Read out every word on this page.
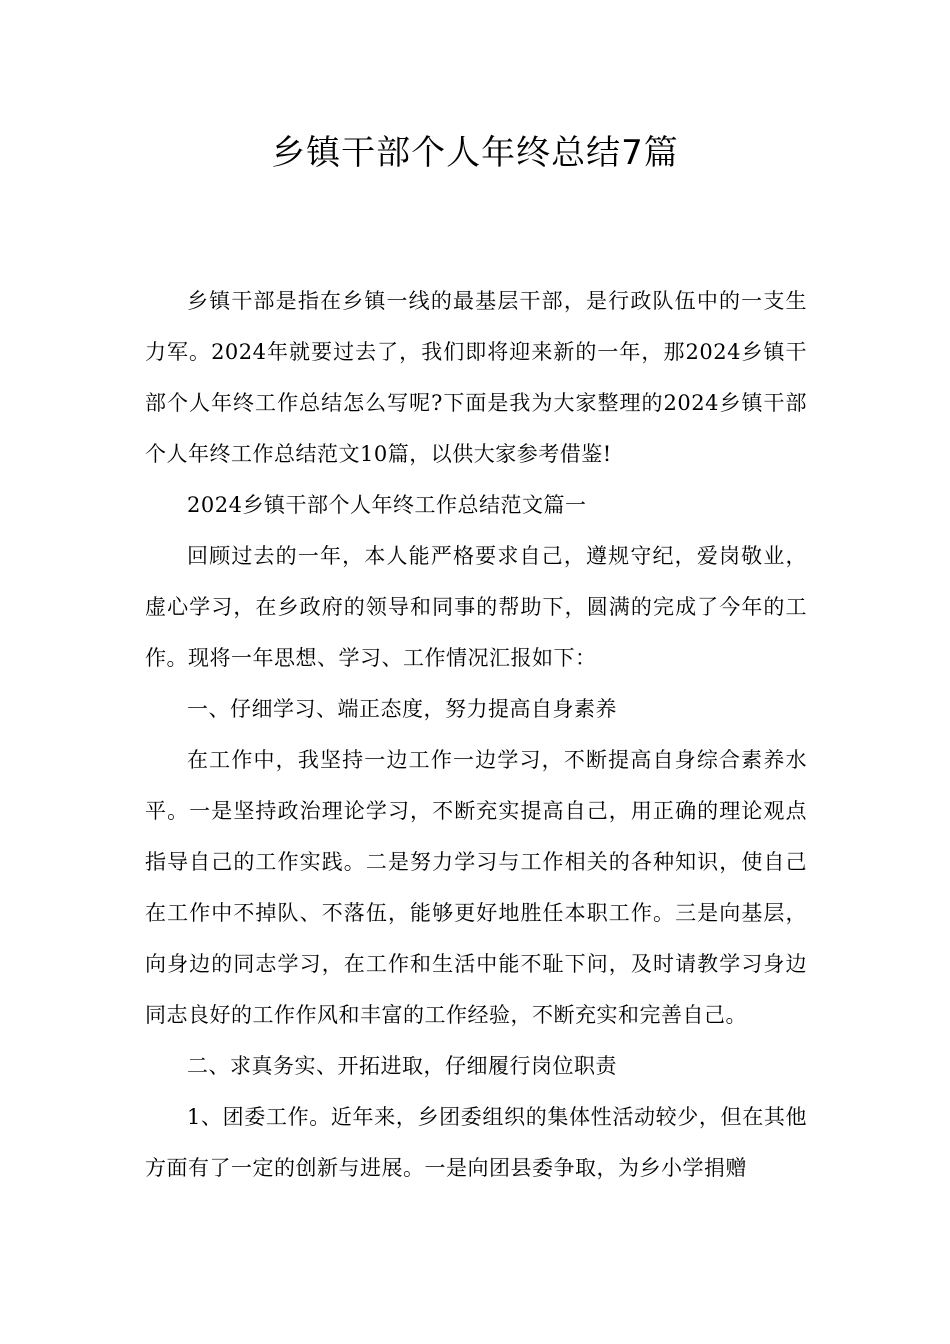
乡镇干部个人年终总结7篇

乡镇干部是指在乡镇一线的最基层干部，是行政队伍中的一支生力军。2024年就要过去了，我们即将迎来新的一年，那2024乡镇干部个人年终工作总结怎么写呢?下面是我为大家整理的2024乡镇干部个人年终工作总结范文10篇，以供大家参考借鉴!

2024乡镇干部个人年终工作总结范文篇一

回顾过去的一年，本人能严格要求自己，遵规守纪，爱岗敬业，虚心学习，在乡政府的领导和同事的帮助下，圆满的完成了今年的工作。现将一年思想、学习、工作情况汇报如下：

一、仔细学习、端正态度，努力提高自身素养

在工作中，我坚持一边工作一边学习，不断提高自身综合素养水平。一是坚持政治理论学习，不断充实提高自己，用正确的理论观点指导自己的工作实践。二是努力学习与工作相关的各种知识，使自己在工作中不掉队、不落伍，能够更好地胜任本职工作。三是向基层，向身边的同志学习，在工作和生活中能不耻下问，及时请教学习身边同志良好的工作作风和丰富的工作经验，不断充实和完善自己。

二、求真务实、开拓进取，仔细履行岗位职责

1、团委工作。近年来，乡团委组织的集体性活动较少，但在其他方面有了一定的创新与进展。一是向团县委争取，为乡小学捐赠
